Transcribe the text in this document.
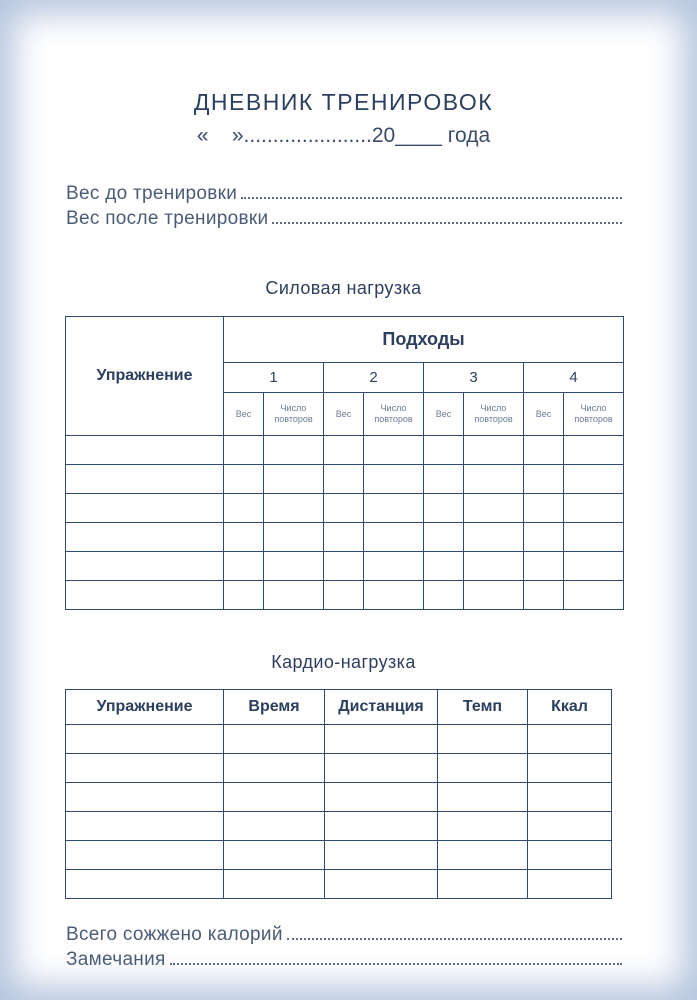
ДНЕВНИК ТРЕНИРОВОК
«    »......................20____ года
Вес до тренировки
Вес после тренировки
Силовая нагрузка
Упражнение	Подходы							
	1		2		3		4	
	Вес	Число повторов	Вес	Число повторов	Вес	Число повторов	Вес	Число повторов

Кардио-нагрузка
Упражнение	Время	Дистанция	Темп	Ккал

Всего сожжено калорий
Замечания
